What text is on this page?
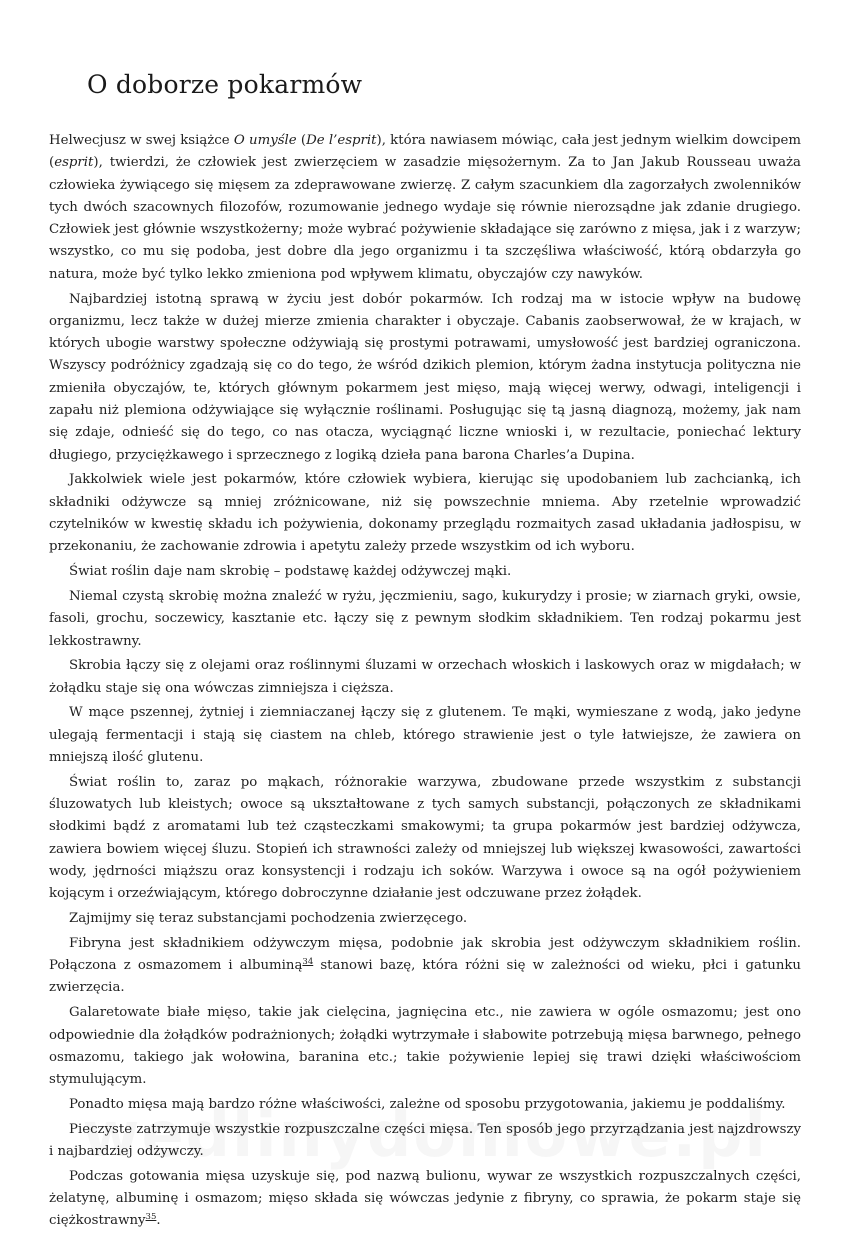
O doborze pokarmów

Helwecjusz w swej książce O umyśle (De l’esprit), która nawiasem mówiąc, cała jest jednym wielkim dowcipem (esprit), twierdzi, że człowiek jest zwierzęciem w zasadzie mięsożernym. Za to Jan Jakub Rousseau uważa człowieka żywiącego się mięsem za zdeprawowane zwierzę. Z całym szacunkiem dla zagorzałych zwolenników tych dwóch szacownych filozofów, rozumowanie jednego wydaje się równie nierozsądne jak zdanie drugiego. Człowiek jest głównie wszystkożerny; może wybrać pożywienie składające się zarówno z mięsa, jak i z warzyw; wszystko, co mu się podoba, jest dobre dla jego organizmu i ta szczęśliwa właściwość, którą obdarzyła go natura, może być tylko lekko zmieniona pod wpływem klimatu, obyczajów czy nawyków.

Najbardziej istotną sprawą w życiu jest dobór pokarmów. Ich rodzaj ma w istocie wpływ na budowę organizmu, lecz także w dużej mierze zmienia charakter i obyczaje. Cabanis zaobserwował, że w krajach, w których ubogie warstwy społeczne odżywiają się prostymi potrawami, umysłowość jest bardziej ograniczona. Wszyscy podróżnicy zgadzają się co do tego, że wśród dzikich plemion, którym żadna instytucja polityczna nie zmieniła obyczajów, te, których głównym pokarmem jest mięso, mają więcej werwy, odwagi, inteligencji i zapału niż plemiona odżywiające się wyłącznie roślinami. Posługując się tą jasną diagnozą, możemy, jak nam się zdaje, odnieść się do tego, co nas otacza, wyciągnąć liczne wnioski i, w rezultacie, poniechać lektury długiego, przyciężkawego i sprzecznego z logiką dzieła pana barona Charles’a Dupina.

Jakkolwiek wiele jest pokarmów, które człowiek wybiera, kierując się upodobaniem lub zachcianką, ich składniki odżywcze są mniej zróżnicowane, niż się powszechnie mniema. Aby rzetelnie wprowadzić czytelników w kwestię składu ich pożywienia, dokonamy przeglądu rozmaitych zasad układania jadłospisu, w przekonaniu, że zachowanie zdrowia i apetytu zależy przede wszystkim od ich wyboru.

Świat roślin daje nam skrobię – podstawę każdej odżywczej mąki.

Niemal czystą skrobię można znaleźć w ryżu, jęczmieniu, sago, kukurydzy i prosie; w ziarnach gryki, owsie, fasoli, grochu, soczewicy, kasztanie etc. łączy się z pewnym słodkim składnikiem. Ten rodzaj pokarmu jest lekkostrawny.

Skrobia łączy się z olejami oraz roślinnymi śluzami w orzechach włoskich i laskowych oraz w migdałach; w żołądku staje się ona wówczas zimniejsza i cięższa.

W mące pszennej, żytniej i ziemniaczanej łączy się z glutenem. Te mąki, wymieszane z wodą, jako jedyne ulegają fermentacji i stają się ciastem na chleb, którego strawienie jest o tyle łatwiejsze, że zawiera on mniejszą ilość glutenu.

Świat roślin to, zaraz po mąkach, różnorakie warzywa, zbudowane przede wszystkim z substancji śluzowatych lub kleistych; owoce są ukształtowane z tych samych substancji, połączonych ze składnikami słodkimi bądź z aromatami lub też cząsteczkami smakowymi; ta grupa pokarmów jest bardziej odżywcza, zawiera bowiem więcej śluzu. Stopień ich strawności zależy od mniejszej lub większej kwasowości, zawartości wody, jędrności miąższu oraz konsystencji i rodzaju ich soków. Warzywa i owoce są na ogół pożywieniem kojącym i orzeźwiającym, którego dobroczynne działanie jest odczuwane przez żołądek.

Zajmijmy się teraz substancjami pochodzenia zwierzęcego.

Fibryna jest składnikiem odżywczym mięsa, podobnie jak skrobia jest odżywczym składnikiem roślin. Połączona z osmazomem i albuminą$^{34}$ stanowi bazę, która różni się w zależności od wieku, płci i gatunku zwierzęcia.

Galaretowate białe mięso, takie jak cielęcina, jagnięcina etc., nie zawiera w ogóle osmazomu; jest ono odpowiednie dla żołądków podrażnionych; żołądki wytrzymałe i słabowite potrzebują mięsa barwnego, pełnego osmazomu, takiego jak wołowina, baranina etc.; takie pożywienie lepiej się trawi dzięki właściwościom stymulującym.

Ponadto mięsa mają bardzo różne właściwości, zależne od sposobu przygotowania, jakiemu je poddaliśmy.

Pieczyste zatrzymuje wszystkie rozpuszczalne części mięsa. Ten sposób jego przyrządzania jest najzdrowszy i najbardziej odżywczy.

Podczas gotowania mięsa uzyskuje się, pod nazwą bulionu, wywar ze wszystkich rozpuszczalnych części, żelatynę, albuminę i osmazom; mięso składa się wówczas jedynie z fibryny, co sprawia, że pokarm staje się ciężkostrawny$^{35}$.
